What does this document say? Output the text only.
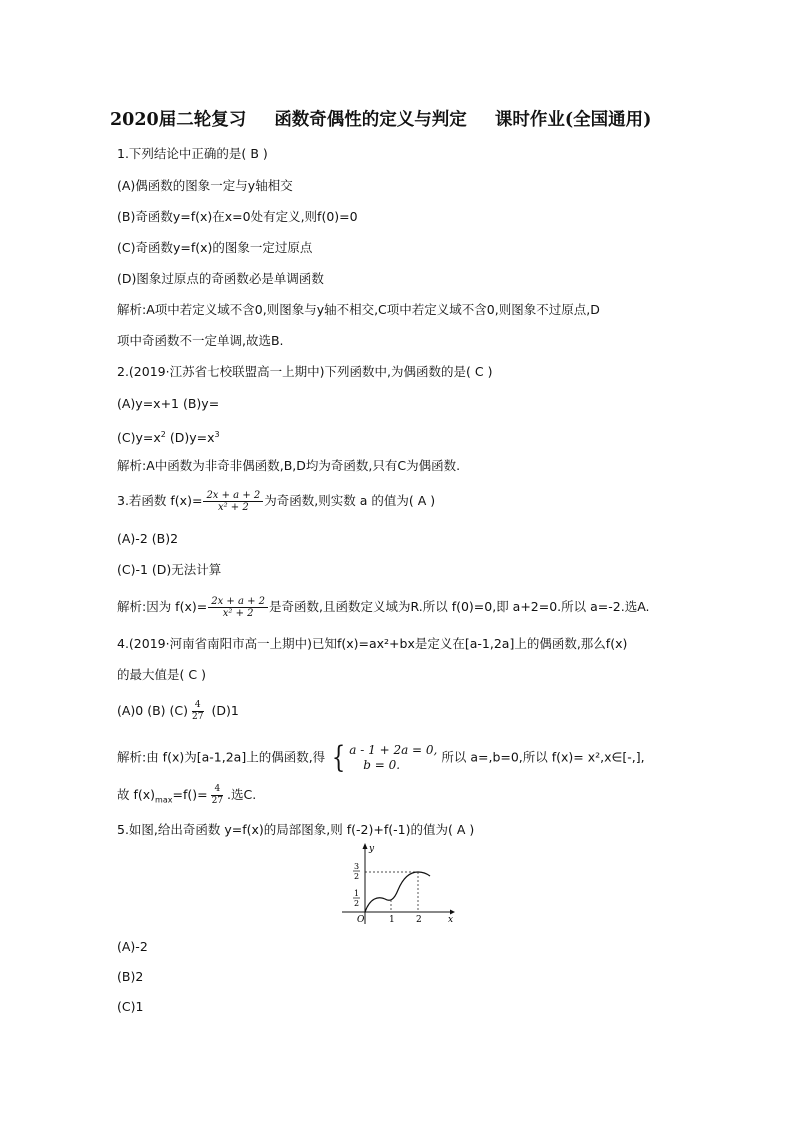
2020届二轮复习 函数奇偶性的定义与判定 课时作业(全国通用)
1.下列结论中正确的是( B )
(A)偶函数的图象一定与y轴相交
(B)奇函数y=f(x)在x=0处有定义,则f(0)=0
(C)奇函数y=f(x)的图象一定过原点
(D)图象过原点的奇函数必是单调函数
解析:A项中若定义域不含0,则图象与y轴不相交,C项中若定义域不含0,则图象不过原点,D
项中奇函数不一定单调,故选B.
2.(2019·江苏省七校联盟高一上期中)下列函数中,为偶函数的是( C )
(A)y=x+1 (B)y=
$(C)y=x^2$ $(D)y=x^3$
解析:A中函数为非奇非偶函数,B,D均为奇函数,只有C为偶函数.
3.若函数 $f(x)= \frac{2x + a + 2}{\text{x² + 2}}$ 为奇函数,则实数 a 的值为( A )
(A)-2 (B)2
(C)-1 (D)无法计算
解析:因为 $f(x)= \frac{2x + a + 2}{\text{x² + 2}}$ 是奇函数,且函数定义域为R.所以 f(0)=0,即 a+2=0.所以 a=-2.选A.
4.(2019·河南省南阳市高一上期中)已知f(x)=ax²+bx是定义在[a-1,2a]上的偶函数,那么f(x)
的最大值是( C )
(A)0 (B) $(C) \frac{4}{27} (D)1$
解析:由 f(x)为[a-1,2a]上的偶函数,得 { a - 1 + 2a = 0,
b = 0.
所以 a=,b=0,所以 f(x)= x²,x∈[-,],
故 $f(x)_{max}=f()= \frac{4}{27}$ .选C.
5.如图,给出奇函数 y=f(x)的局部图象,则 f(-2)+f(-1)的值为( A )
y
x
O	1 2
3
2
1
2
(A)-2
(B)2
(C)1
